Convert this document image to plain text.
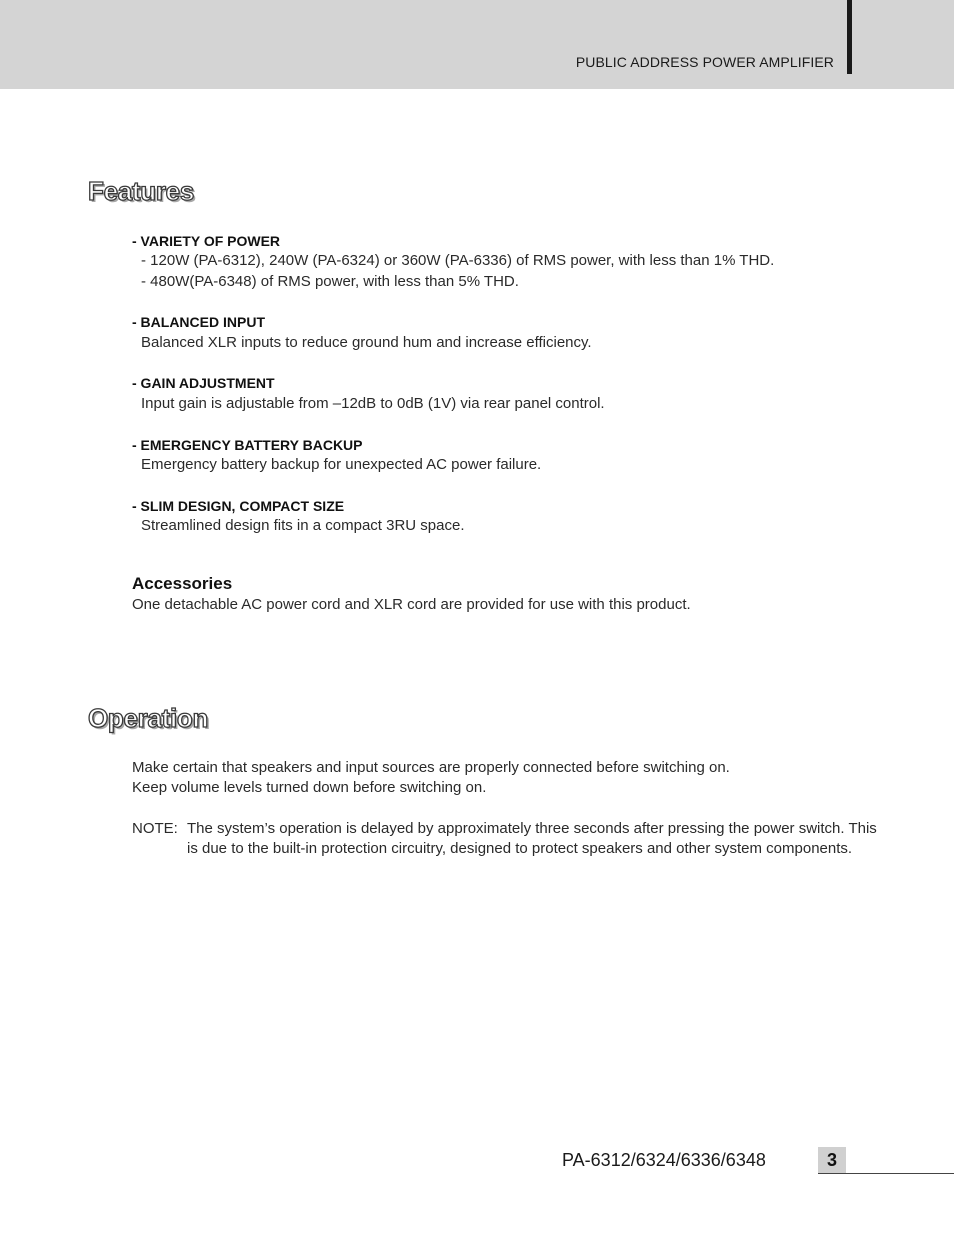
PUBLIC ADDRESS POWER AMPLIFIER
Features
- VARIETY OF POWER
- 120W (PA-6312), 240W (PA-6324) or 360W (PA-6336) of RMS power, with less than 1% THD.
- 480W(PA-6348) of RMS power, with less than 5% THD.
- BALANCED INPUT
Balanced XLR inputs to reduce ground hum and increase efficiency.
- GAIN ADJUSTMENT
Input gain is adjustable from –12dB to 0dB (1V) via rear panel control.
- EMERGENCY BATTERY BACKUP
Emergency battery backup for unexpected AC power failure.
- SLIM DESIGN, COMPACT SIZE
Streamlined design fits in a compact 3RU space.
Accessories
One detachable AC power cord and XLR cord are provided for use with this product.
Operation
Make certain that speakers and input sources are properly connected before switching on.
Keep volume levels turned down before switching on.
NOTE: The system’s operation is delayed by approximately three seconds after pressing the power switch. This is due to the built-in protection circuitry, designed to protect speakers and other system components.
PA-6312/6324/6336/6348	3
